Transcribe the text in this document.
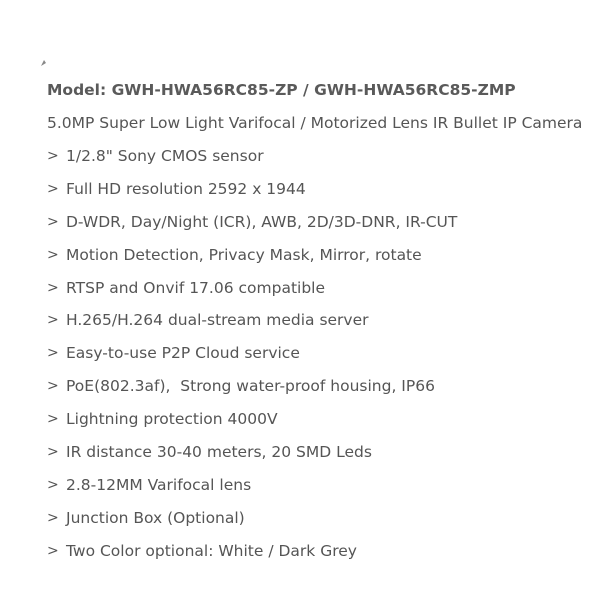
Model: GWH-HWA56RC85-ZP / GWH-HWA56RC85-ZMP
5.0MP Super Low Light Varifocal / Motorized Lens IR Bullet IP Camera
> 1/2.8" Sony CMOS sensor
> Full HD resolution 2592 x 1944
> D-WDR, Day/Night (ICR), AWB, 2D/3D-DNR, IR-CUT
> Motion Detection, Privacy Mask, Mirror, rotate
> RTSP and Onvif 17.06 compatible
> H.265/H.264 dual-stream media server
> Easy-to-use P2P Cloud service
> PoE(802.3af),  Strong water-proof housing, IP66
> Lightning protection 4000V
> IR distance 30-40 meters, 20 SMD Leds
> 2.8-12MM Varifocal lens
> Junction Box (Optional)
> Two Color optional: White / Dark Grey
